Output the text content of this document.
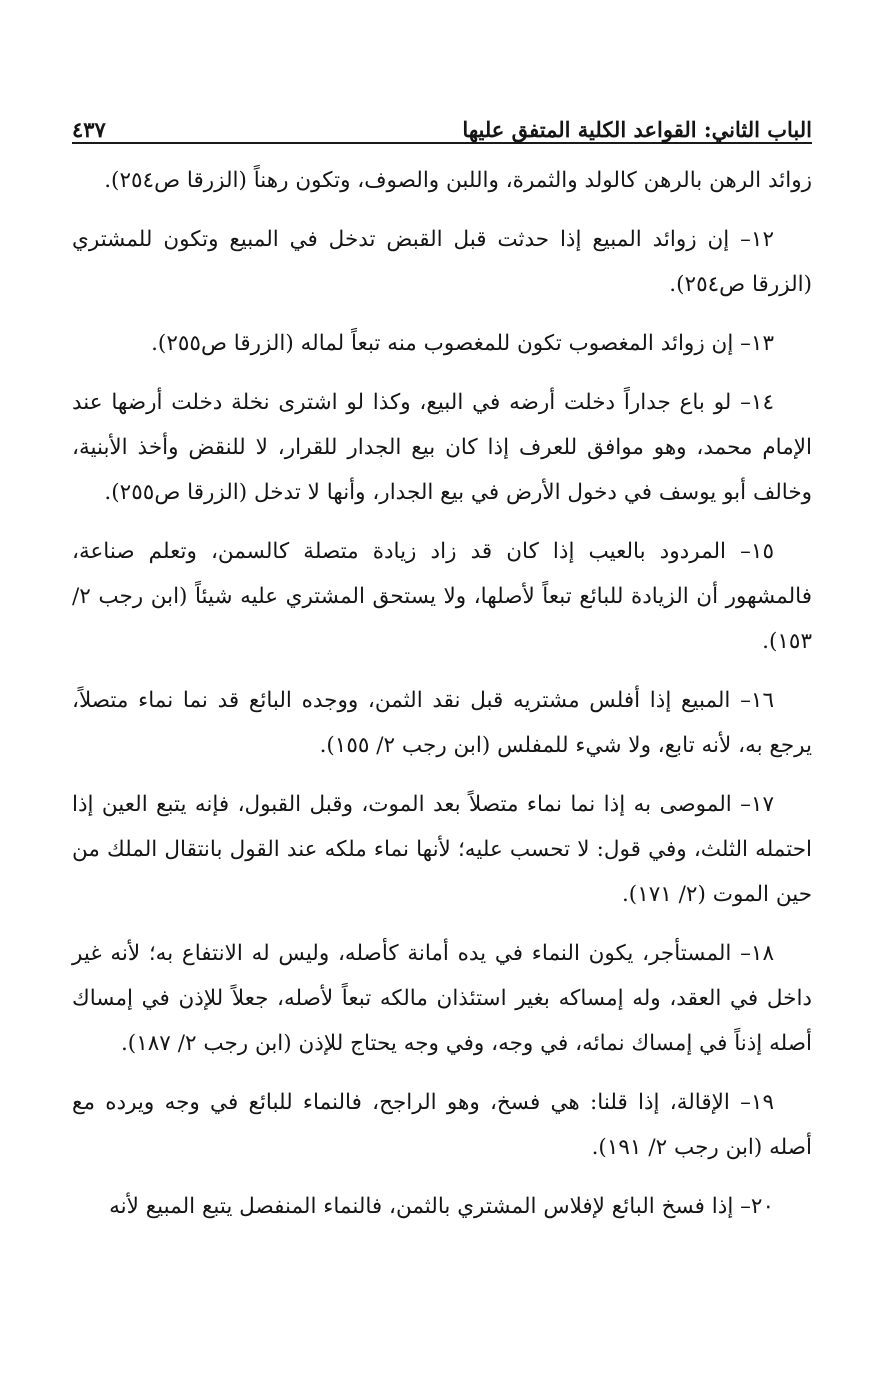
الباب الثاني: القواعد الكلية المتفق عليها
٤٣٧

زوائد الرهن بالرهن كالولد والثمرة، واللبن والصوف، وتكون رهناً (الزرقا ص٢٥٤).

١٢– إن زوائد المبيع إذا حدثت قبل القبض تدخل في المبيع وتكون للمشتري (الزرقا ص٢٥٤).

١٣– إن زوائد المغصوب تكون للمغصوب منه تبعاً لماله (الزرقا ص٢٥٥).

١٤– لو باع جداراً دخلت أرضه في البيع، وكذا لو اشترى نخلة دخلت أرضها عند الإمام محمد، وهو موافق للعرف إذا كان بيع الجدار للقرار، لا للنقض وأخذ الأبنية، وخالف أبو يوسف في دخول الأرض في بيع الجدار، وأنها لا تدخل (الزرقا ص٢٥٥).

١٥– المردود بالعيب إذا كان قد زاد زيادة متصلة كالسمن، وتعلم صناعة، فالمشهور أن الزيادة للبائع تبعاً لأصلها، ولا يستحق المشتري عليه شيئاً (ابن رجب ٢/ ١٥٣).

١٦– المبيع إذا أفلس مشتريه قبل نقد الثمن، ووجده البائع قد نما نماء متصلاً، يرجع به، لأنه تابع، ولا شيء للمفلس (ابن رجب ٢/ ١٥٥).

١٧– الموصى به إذا نما نماء متصلاً بعد الموت، وقبل القبول، فإنه يتبع العين إذا احتمله الثلث، وفي قول: لا تحسب عليه؛ لأنها نماء ملكه عند القول بانتقال الملك من حين الموت (٢/ ١٧١).

١٨– المستأجر، يكون النماء في يده أمانة كأصله، وليس له الانتفاع به؛ لأنه غير داخل في العقد، وله إمساكه بغير استئذان مالكه تبعاً لأصله، جعلاً للإذن في إمساك أصله إذناً في إمساك نمائه، في وجه، وفي وجه يحتاج للإذن (ابن رجب ٢/ ١٨٧).

١٩– الإقالة، إذا قلنا: هي فسخ، وهو الراجح، فالنماء للبائع في وجه ويرده مع أصله (ابن رجب ٢/ ١٩١).

٢٠– إذا فسخ البائع لإفلاس المشتري بالثمن، فالنماء المنفصل يتبع المبيع لأنه
